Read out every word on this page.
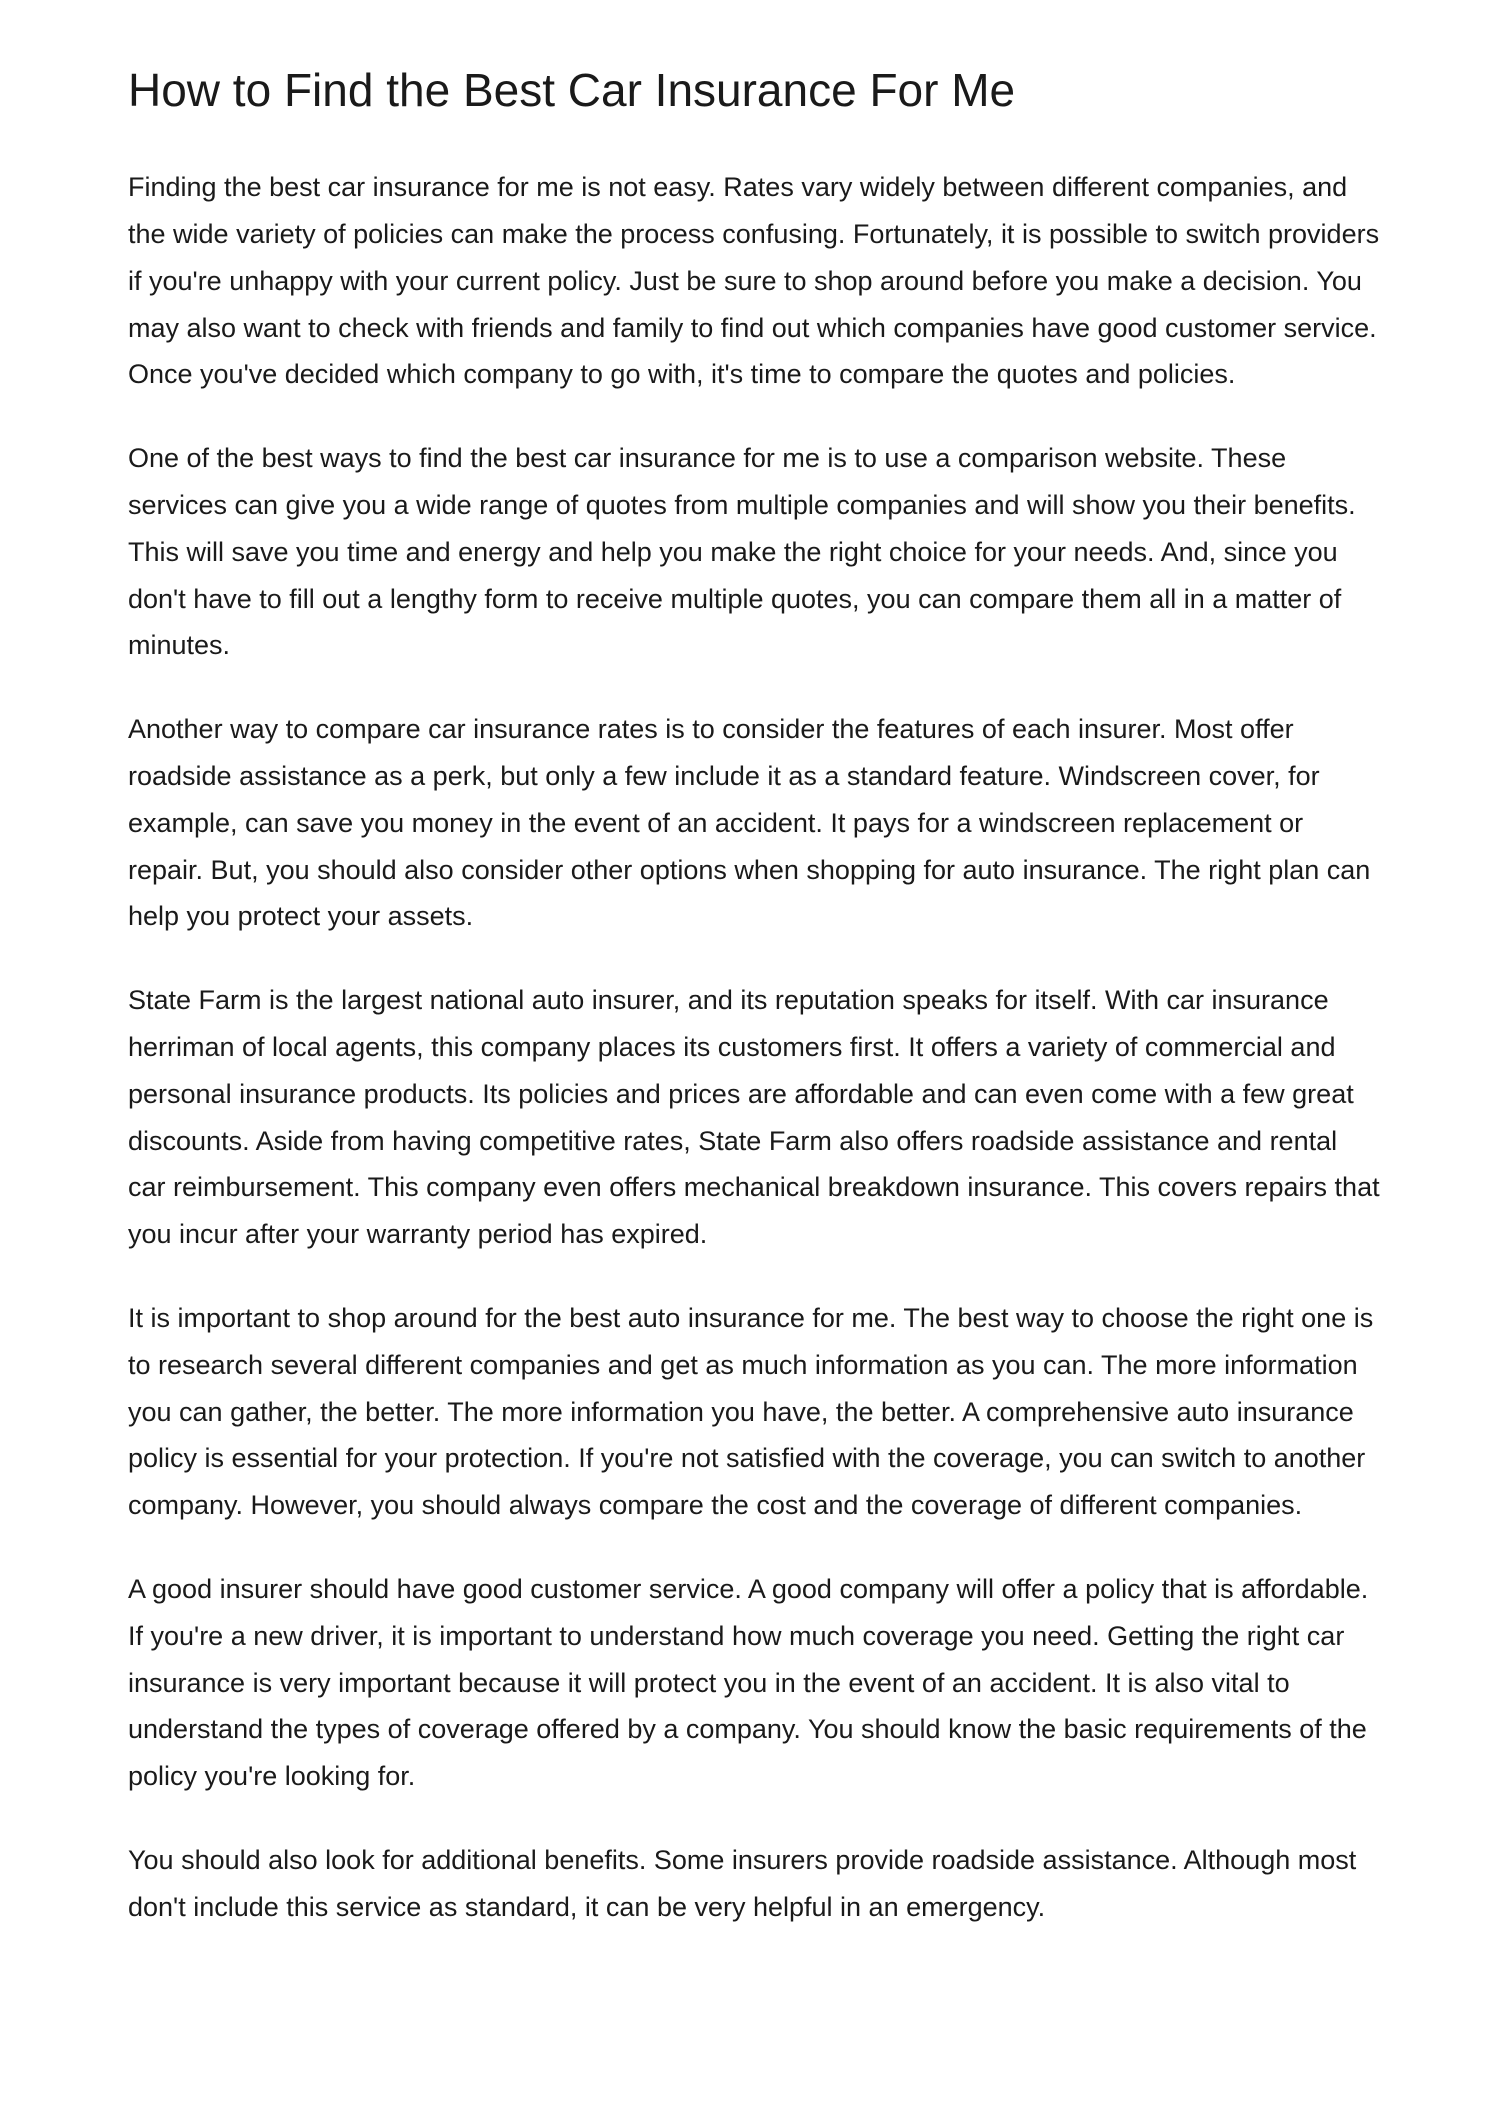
How to Find the Best Car Insurance For Me

Finding the best car insurance for me is not easy. Rates vary widely between different companies, and the wide variety of policies can make the process confusing. Fortunately, it is possible to switch providers if you're unhappy with your current policy. Just be sure to shop around before you make a decision. You may also want to check with friends and family to find out which companies have good customer service. Once you've decided which company to go with, it's time to compare the quotes and policies.

One of the best ways to find the best car insurance for me is to use a comparison website. These services can give you a wide range of quotes from multiple companies and will show you their benefits. This will save you time and energy and help you make the right choice for your needs. And, since you don't have to fill out a lengthy form to receive multiple quotes, you can compare them all in a matter of minutes.

Another way to compare car insurance rates is to consider the features of each insurer. Most offer roadside assistance as a perk, but only a few include it as a standard feature. Windscreen cover, for example, can save you money in the event of an accident. It pays for a windscreen replacement or repair. But, you should also consider other options when shopping for auto insurance. The right plan can help you protect your assets.

State Farm is the largest national auto insurer, and its reputation speaks for itself. With car insurance herriman of local agents, this company places its customers first. It offers a variety of commercial and personal insurance products. Its policies and prices are affordable and can even come with a few great discounts. Aside from having competitive rates, State Farm also offers roadside assistance and rental car reimbursement. This company even offers mechanical breakdown insurance. This covers repairs that you incur after your warranty period has expired.

It is important to shop around for the best auto insurance for me. The best way to choose the right one is to research several different companies and get as much information as you can. The more information you can gather, the better. The more information you have, the better. A comprehensive auto insurance policy is essential for your protection. If you're not satisfied with the coverage, you can switch to another company. However, you should always compare the cost and the coverage of different companies.

A good insurer should have good customer service. A good company will offer a policy that is affordable. If you're a new driver, it is important to understand how much coverage you need. Getting the right car insurance is very important because it will protect you in the event of an accident. It is also vital to understand the types of coverage offered by a company. You should know the basic requirements of the policy you're looking for.

You should also look for additional benefits. Some insurers provide roadside assistance. Although most don't include this service as standard, it can be very helpful in an emergency.
